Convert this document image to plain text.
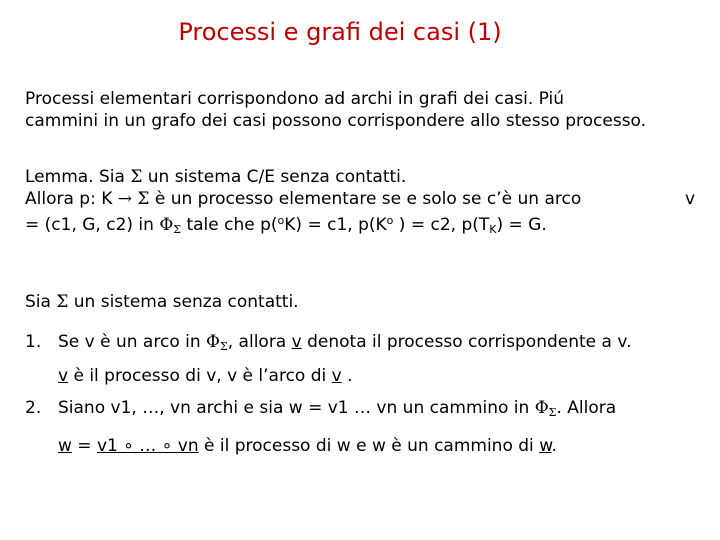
Processi e grafi dei casi (1)
Processi elementari corrispondono ad archi in grafi dei casi. Piú
cammini in un grafo dei casi possono corrispondere allo stesso processo.
Lemma. Sia Σ un sistema C/E senza contatti.
Allora p: K → Σ è un processo elementare se e solo se c’è un arco	v
= (c1, G, c2) in $\Phi_\Sigma$ tale che p($^o$K) = c1, $p(K^o$ ) = c2, $p(T_K) = G$.
Sia Σ un sistema senza contatti.
1. Se v è un arco in $\Phi_\Sigma$, allora v denota il processo corrispondente a v.
v è il processo di v, v è l’arco di v .
2. Siano v1, …, vn archi e sia w = v1 … vn un cammino in $\Phi_\Sigma$. Allora
w = v1 ∘ … ∘ vn è il processo di w e w è un cammino di w.
